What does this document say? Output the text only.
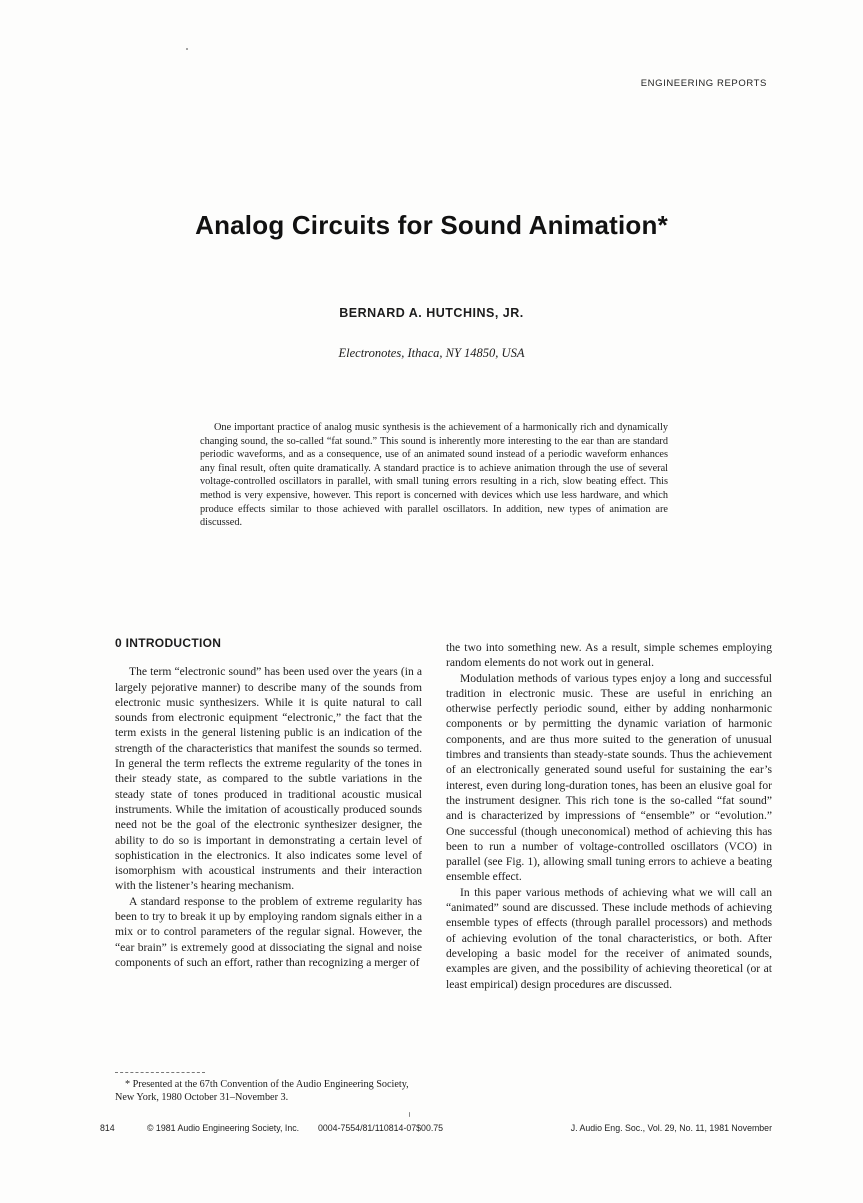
ENGINEERING REPORTS
Analog Circuits for Sound Animation*
BERNARD A. HUTCHINS, JR.
Electronotes, Ithaca, NY 14850, USA
One important practice of analog music synthesis is the achievement of a harmonically rich and dynamically changing sound, the so-called “fat sound.” This sound is inherently more interesting to the ear than are standard periodic waveforms, and as a consequence, use of an animated sound instead of a periodic waveform enhances any final result, often quite dramatically. A standard practice is to achieve animation through the use of several voltage-controlled oscillators in parallel, with small tuning errors resulting in a rich, slow beating effect. This method is very expensive, however. This report is concerned with devices which use less hardware, and which produce effects similar to those achieved with parallel oscillators. In addition, new types of animation are discussed.
0 INTRODUCTION

The term “electronic sound” has been used over the years (in a largely pejorative manner) to describe many of the sounds from electronic music synthesizers. While it is quite natural to call sounds from electronic equipment “electronic,” the fact that the term exists in the general listening public is an indication of the strength of the characteristics that manifest the sounds so termed. In general the term reflects the extreme regularity of the tones in their steady state, as compared to the subtle variations in the steady state of tones produced in traditional acoustic musical instruments. While the imitation of acoustically produced sounds need not be the goal of the electronic synthesizer designer, the ability to do so is important in demonstrating a certain level of sophistication in the electronics. It also indicates some level of isomorphism with acoustical instruments and their interaction with the listener’s hearing mechanism.

A standard response to the problem of extreme regularity has been to try to break it up by employing random signals either in a mix or to control parameters of the regular signal. However, the “ear brain” is extremely good at dissociating the signal and noise components of such an effort, rather than recognizing a merger of

the two into something new. As a result, simple schemes employing random elements do not work out in general.

Modulation methods of various types enjoy a long and successful tradition in electronic music. These are useful in enriching an otherwise perfectly periodic sound, either by adding nonharmonic components or by permitting the dynamic variation of harmonic components, and are thus more suited to the generation of unusual timbres and transients than steady-state sounds. Thus the achievement of an electronically generated sound useful for sustaining the ear’s interest, even during long-duration tones, has been an elusive goal for the instrument designer. This rich tone is the so-called “fat sound” and is characterized by impressions of “ensemble” or “evolution.” One successful (though uneconomical) method of achieving this has been to run a number of voltage-controlled oscillators (VCO) in parallel (see Fig. 1), allowing small tuning errors to achieve a beating ensemble effect.

In this paper various methods of achieving what we will call an “animated” sound are discussed. These include methods of achieving ensemble types of effects (through parallel processors) and methods of achieving evolution of the tonal characteristics, or both. After developing a basic model for the receiver of animated sounds, examples are given, and the possibility of achieving theoretical (or at least empirical) design procedures are discussed.

* Presented at the 67th Convention of the Audio Engineering Society, New York, 1980 October 31–November 3.
814	© 1981 Audio Engineering Society, Inc. 0004-7554/81/110814-07$00.75	J. Audio Eng. Soc., Vol. 29, No. 11, 1981 November
